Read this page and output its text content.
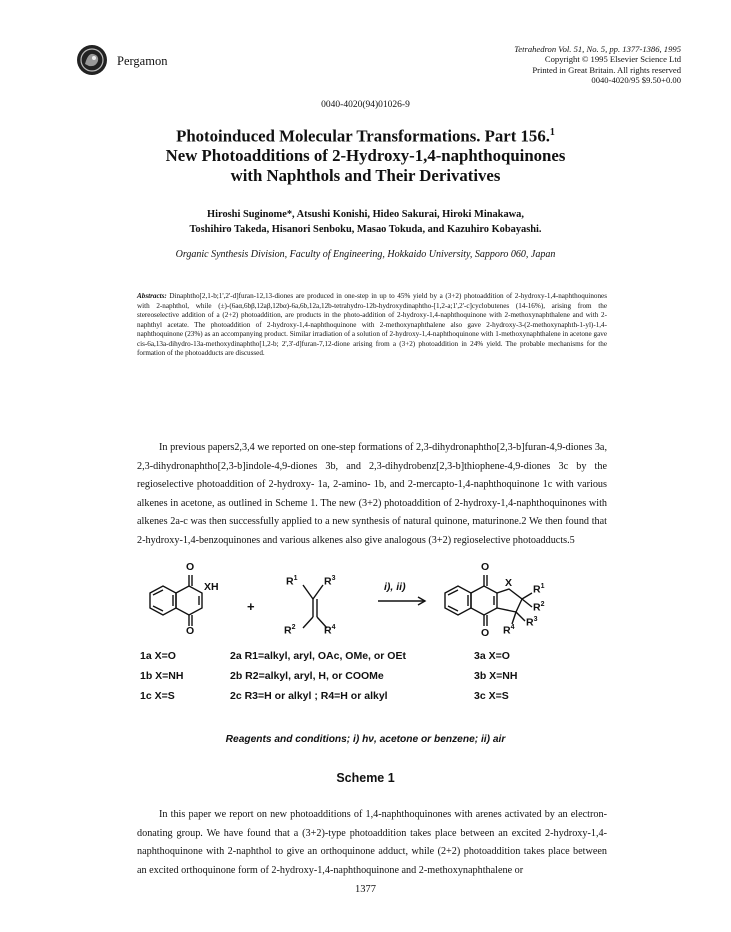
Pergamon
Tetrahedron Vol. 51, No. 5, pp. 1377-1386, 1995
Copyright © 1995 Elsevier Science Ltd
Printed in Great Britain. All rights reserved
0040-4020/95 $9.50+0.00
0040-4020(94)01026-9
Photoinduced Molecular Transformations. Part 156.$^1$
New Photoadditions of 2-Hydroxy-1,4-naphthoquinones
with Naphthols and Their Derivatives
Hiroshi Suginome*, Atsushi Konishi, Hideo Sakurai, Hiroki Minakawa,
Toshihiro Takeda, Hisanori Senboku, Masao Tokuda, and Kazuhiro Kobayashi.
Organic Synthesis Division, Faculty of Engineering, Hokkaido University, Sapporo 060, Japan
Abstracts: Dinaphtho[2,1-b;1',2'-d]furan-12,13-diones are produced in one-step in up to 45% yield by a (3+2) photoaddition of 2-hydroxy-1,4-naphthoquinones with 2-naphthol, while (±)-(6aα,6bβ,12aβ,12bα)-6a,6b,12a,12b-tetrahydro-12b-hydroxydinaphtho-[1,2-a;1',2'-c]cyclobutenes (14-16%), arising from the stereoselective addition of a (2+2) photoaddition, are products in the photo-addition of 2-hydroxy-1,4-naphthoquinone with 2-methoxynaphthalene and with 2-naphthyl acetate. The photoaddition of 2-hydroxy-1,4-naphthoquinone with 2-methoxynaphthalene also gave 2-hydroxy-3-(2-methoxynaphth-1-yl)-1,4-naphthoquinone (23%) as an accompanying product. Similar irradiation of a solution of 2-hydroxy-1,4-naphthoquinone with 1-methoxynaphthalene in acetone gave cis-6a,13a-dihydro-13a-methoxydinaphtho[1,2-b; 2',3'-d]furan-7,12-dione arising from a (3+2) photoaddition in 24% yield. The probable mechanisms for the formation of the photoadducts are discussed.
In previous papers2,3,4 we reported on one-step formations of 2,3-dihydronaphtho[2,3-b]furan-4,9-diones 3a, 2,3-dihydronaphtho[2,3-b]indole-4,9-diones 3b, and 2,3-dihydrobenz[2,3-b]thiophene-4,9-diones 3c by the regioselective photoaddition of 2-hydroxy- 1a, 2-amino- 1b, and 2-mercapto-1,4-naphthoquinone 1c with various alkenes in acetone, as outlined in Scheme 1. The new (3+2) photoaddition of 2-hydroxy-1,4-naphthoquinones with alkenes 2a-c was then successfully applied to a new synthesis of natural quinone, maturinone.2 We then found that 2-hydroxy-1,4-benzoquinones and various alkenes also give analogous (3+2) regioselective photoadducts.5
O
XH
O
+
$R^1$	$R^3$
$R^2$	$R^4$
i), ii)
O
X
$R^1$
$R^2$
$R^3$
$R^4$
O
1a X=O
1b X=NH
1c X=S
2a R1=alkyl, aryl, OAc, OMe, or OEt
2b R2=alkyl, aryl, H, or COOMe
2c R3=H or alkyl ; R4=H or alkyl
3a X=O
3b X=NH
3c X=S
Reagents and conditions; i) hν, acetone or benzene; ii) air
Scheme 1
In this paper we report on new photoadditions of 1,4-naphthoquinones with arenes activated by an electron-donating group. We have found that a (3+2)-type photoaddition takes place between an excited 2-hydroxy-1,4-naphthoquinone with 2-naphthol to give an orthoquinone adduct, while (2+2) photoaddition takes place between an excited orthoquinone form of 2-hydroxy-1,4-naphthoquinone and 2-methoxynaphthalene or
1377
